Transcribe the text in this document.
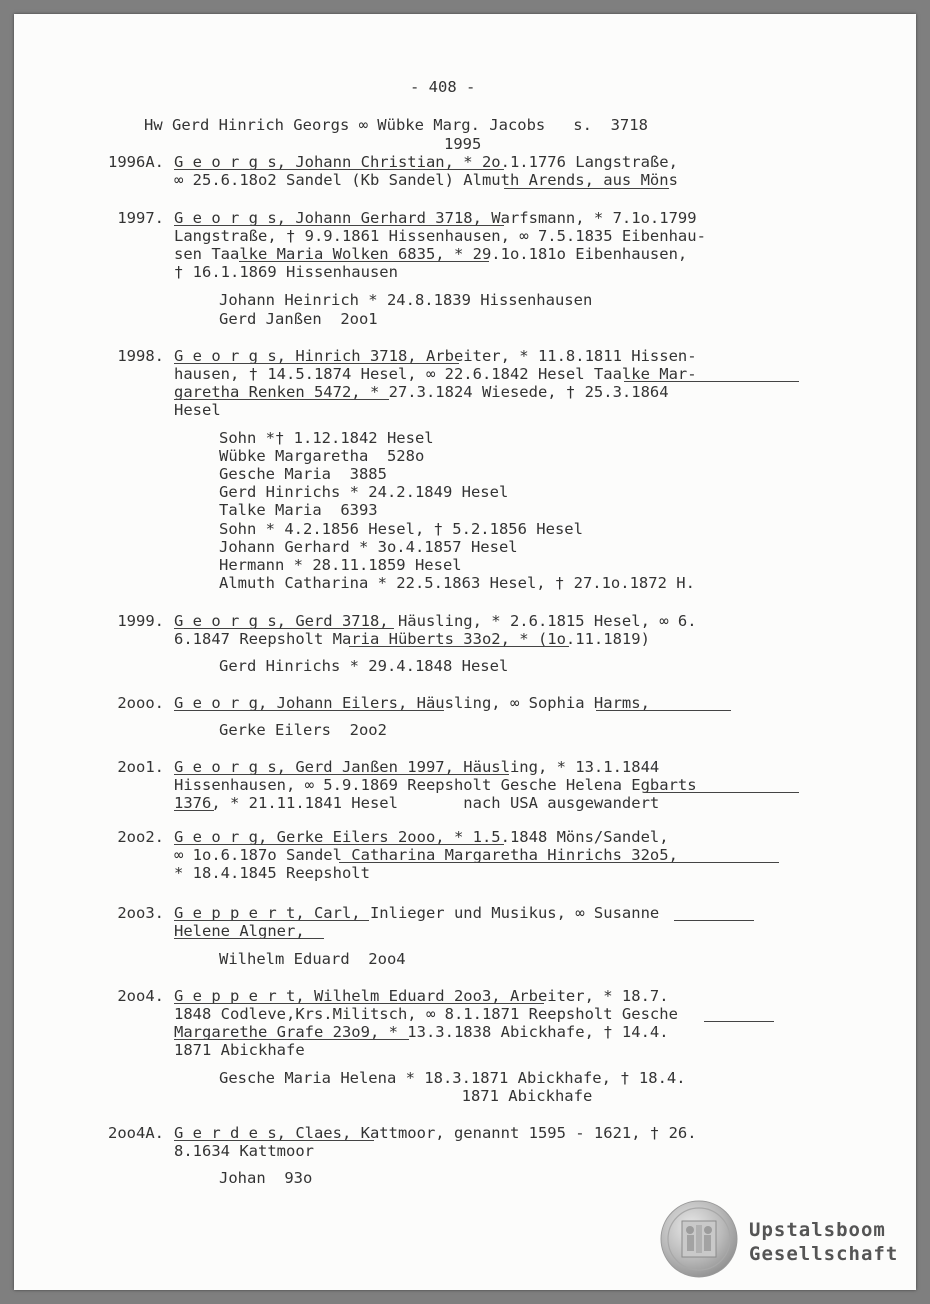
- 408 -
Hw Gerd Hinrich Georgs ∞ Wübke Marg. Jacobs   s.  3718
1995
1996A.
1997.
1998.
1999.
2ooo.
2oo1.
2oo2.
2oo3.
2oo4.
2oo4A.
G e o r g s, Johann Christian, * 2o.1.1776 Langstraße,
∞ 25.6.18o2 Sandel (Kb Sandel) Almuth Arends, aus Möns
G e o r g s, Johann Gerhard 3718, Warfsmann, * 7.1o.1799
Langstraße, † 9.9.1861 Hissenhausen, ∞ 7.5.1835 Eibenhau-
sen Taalke Maria Wolken 6835, * 29.1o.181o Eibenhausen,
† 16.1.1869 Hissenhausen
Johann Heinrich * 24.8.1839 Hissenhausen
Gerd Janßen  2oo1
G e o r g s, Hinrich 3718, Arbeiter, * 11.8.1811 Hissen-
hausen, † 14.5.1874 Hesel, ∞ 22.6.1842 Hesel Taalke Mar-
garetha Renken 5472, * 27.3.1824 Wiesede, † 25.3.1864
Hesel
Sohn *† 1.12.1842 Hesel
Wübke Margaretha  528o
Gesche Maria  3885
Gerd Hinrichs * 24.2.1849 Hesel
Talke Maria  6393
Sohn * 4.2.1856 Hesel, † 5.2.1856 Hesel
Johann Gerhard * 3o.4.1857 Hesel
Hermann * 28.11.1859 Hesel
Almuth Catharina * 22.5.1863 Hesel, † 27.1o.1872 H.
G e o r g s, Gerd 3718, Häusling, * 2.6.1815 Hesel, ∞ 6.
6.1847 Reepsholt Maria Hüberts 33o2, * (1o.11.1819)
Gerd Hinrichs * 29.4.1848 Hesel
G e o r g, Johann Eilers, Häusling, ∞ Sophia Harms,
Gerke Eilers  2oo2
G e o r g s, Gerd Janßen 1997, Häusling, * 13.1.1844
Hissenhausen, ∞ 5.9.1869 Reepsholt Gesche Helena Egbarts
1376, * 21.11.1841 Hesel       nach USA ausgewandert
G e o r g, Gerke Eilers 2ooo, * 1.5.1848 Möns/Sandel,
∞ 1o.6.187o Sandel Catharina Margaretha Hinrichs 32o5,
* 18.4.1845 Reepsholt
G e p p e r t, Carl, Inlieger und Musikus, ∞ Susanne
Helene Algner,
Wilhelm Eduard  2oo4
G e p p e r t, Wilhelm Eduard 2oo3, Arbeiter, * 18.7.
1848 Codleve,Krs.Militsch, ∞ 8.1.1871 Reepsholt Gesche
Margarethe Grafe 23o9, * 13.3.1838 Abickhafe, † 14.4.
1871 Abickhafe
Gesche Maria Helena * 18.3.1871 Abickhafe, † 18.4.
1871 Abickhafe
G e r d e s, Claes, Kattmoor, genannt 1595 - 1621, † 26.
8.1634 Kattmoor
Johan  93o
Upstalsboom
Gesellschaft
